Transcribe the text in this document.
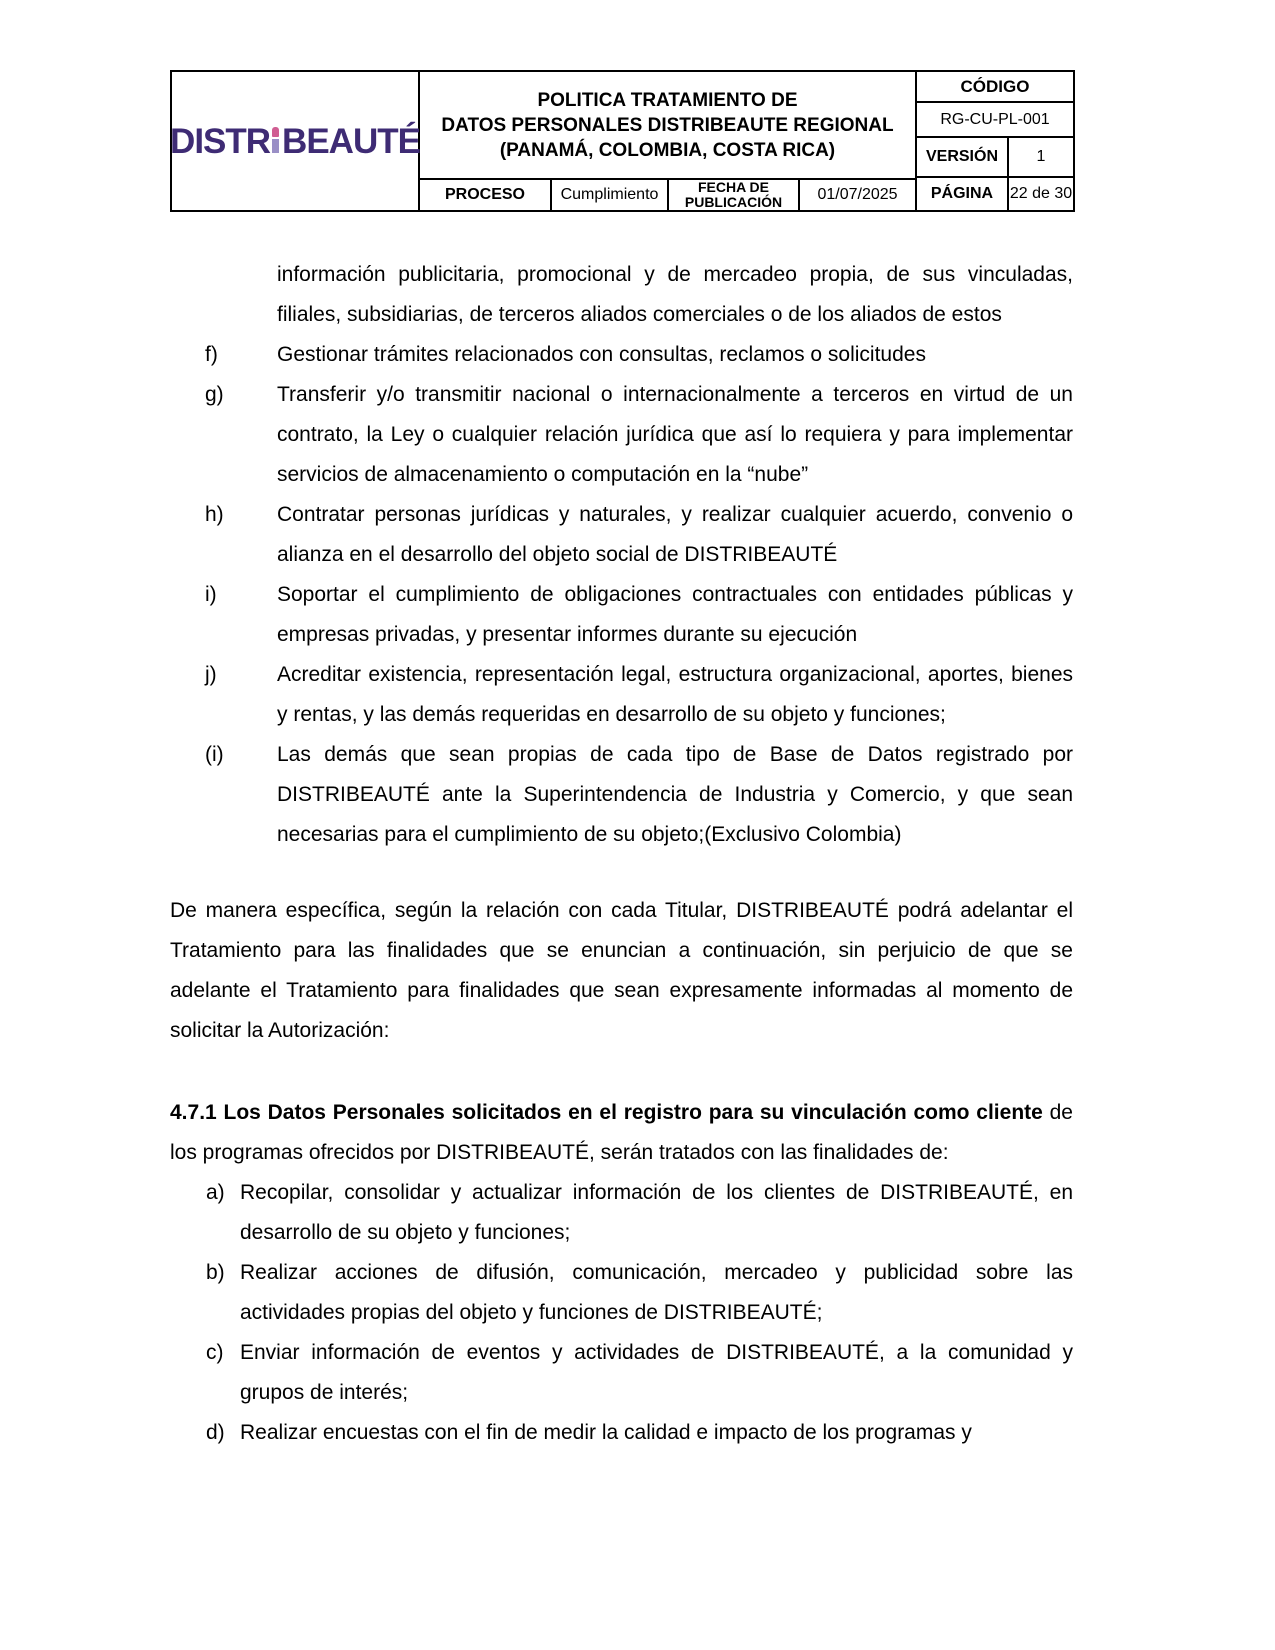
DISTR BEAUTÉ
POLITICA TRATAMIENTO DE
DATOS PERSONALES DISTRIBEAUTE REGIONAL
(PANAMÁ, COLOMBIA, COSTA RICA)
PROCESO	Cumplimiento	FECHA DE PUBLICACIÓN	01/07/2025
CÓDIGO
RG-CU-PL-001
VERSIÓN	1
PÁGINA	22 de 30

información publicitaria, promocional y de mercadeo propia, de sus vinculadas, filiales, subsidiarias, de terceros aliados comerciales o de los aliados de estos

f)	Gestionar trámites relacionados con consultas, reclamos o solicitudes
g)	Transferir y/o transmitir nacional o internacionalmente a terceros en virtud de un contrato, la Ley o cualquier relación jurídica que así lo requiera y para implementar servicios de almacenamiento o computación en la “nube”
h)	Contratar personas jurídicas y naturales, y realizar cualquier acuerdo, convenio o alianza en el desarrollo del objeto social de DISTRIBEAUTÉ
i)	Soportar el cumplimiento de obligaciones contractuales con entidades públicas y empresas privadas, y presentar informes durante su ejecución
j)	Acreditar existencia, representación legal, estructura organizacional, aportes, bienes y rentas, y las demás requeridas en desarrollo de su objeto y funciones;
(i)	Las demás que sean propias de cada tipo de Base de Datos registrado por DISTRIBEAUTÉ ante la Superintendencia de Industria y Comercio, y que sean necesarias para el cumplimiento de su objeto;(Exclusivo Colombia)

De manera específica, según la relación con cada Titular, DISTRIBEAUTÉ podrá adelantar el Tratamiento para las finalidades que se enuncian a continuación, sin perjuicio de que se adelante el Tratamiento para finalidades que sean expresamente informadas al momento de solicitar la Autorización:

4.7.1 Los Datos Personales solicitados en el registro para su vinculación como cliente de los programas ofrecidos por DISTRIBEAUTÉ, serán tratados con las finalidades de:

a) Recopilar, consolidar y actualizar información de los clientes de DISTRIBEAUTÉ, en desarrollo de su objeto y funciones;
b) Realizar acciones de difusión, comunicación, mercadeo y publicidad sobre las actividades propias del objeto y funciones de DISTRIBEAUTÉ;
c) Enviar información de eventos y actividades de DISTRIBEAUTÉ, a la comunidad y grupos de interés;
d) Realizar encuestas con el fin de medir la calidad e impacto de los programas y
